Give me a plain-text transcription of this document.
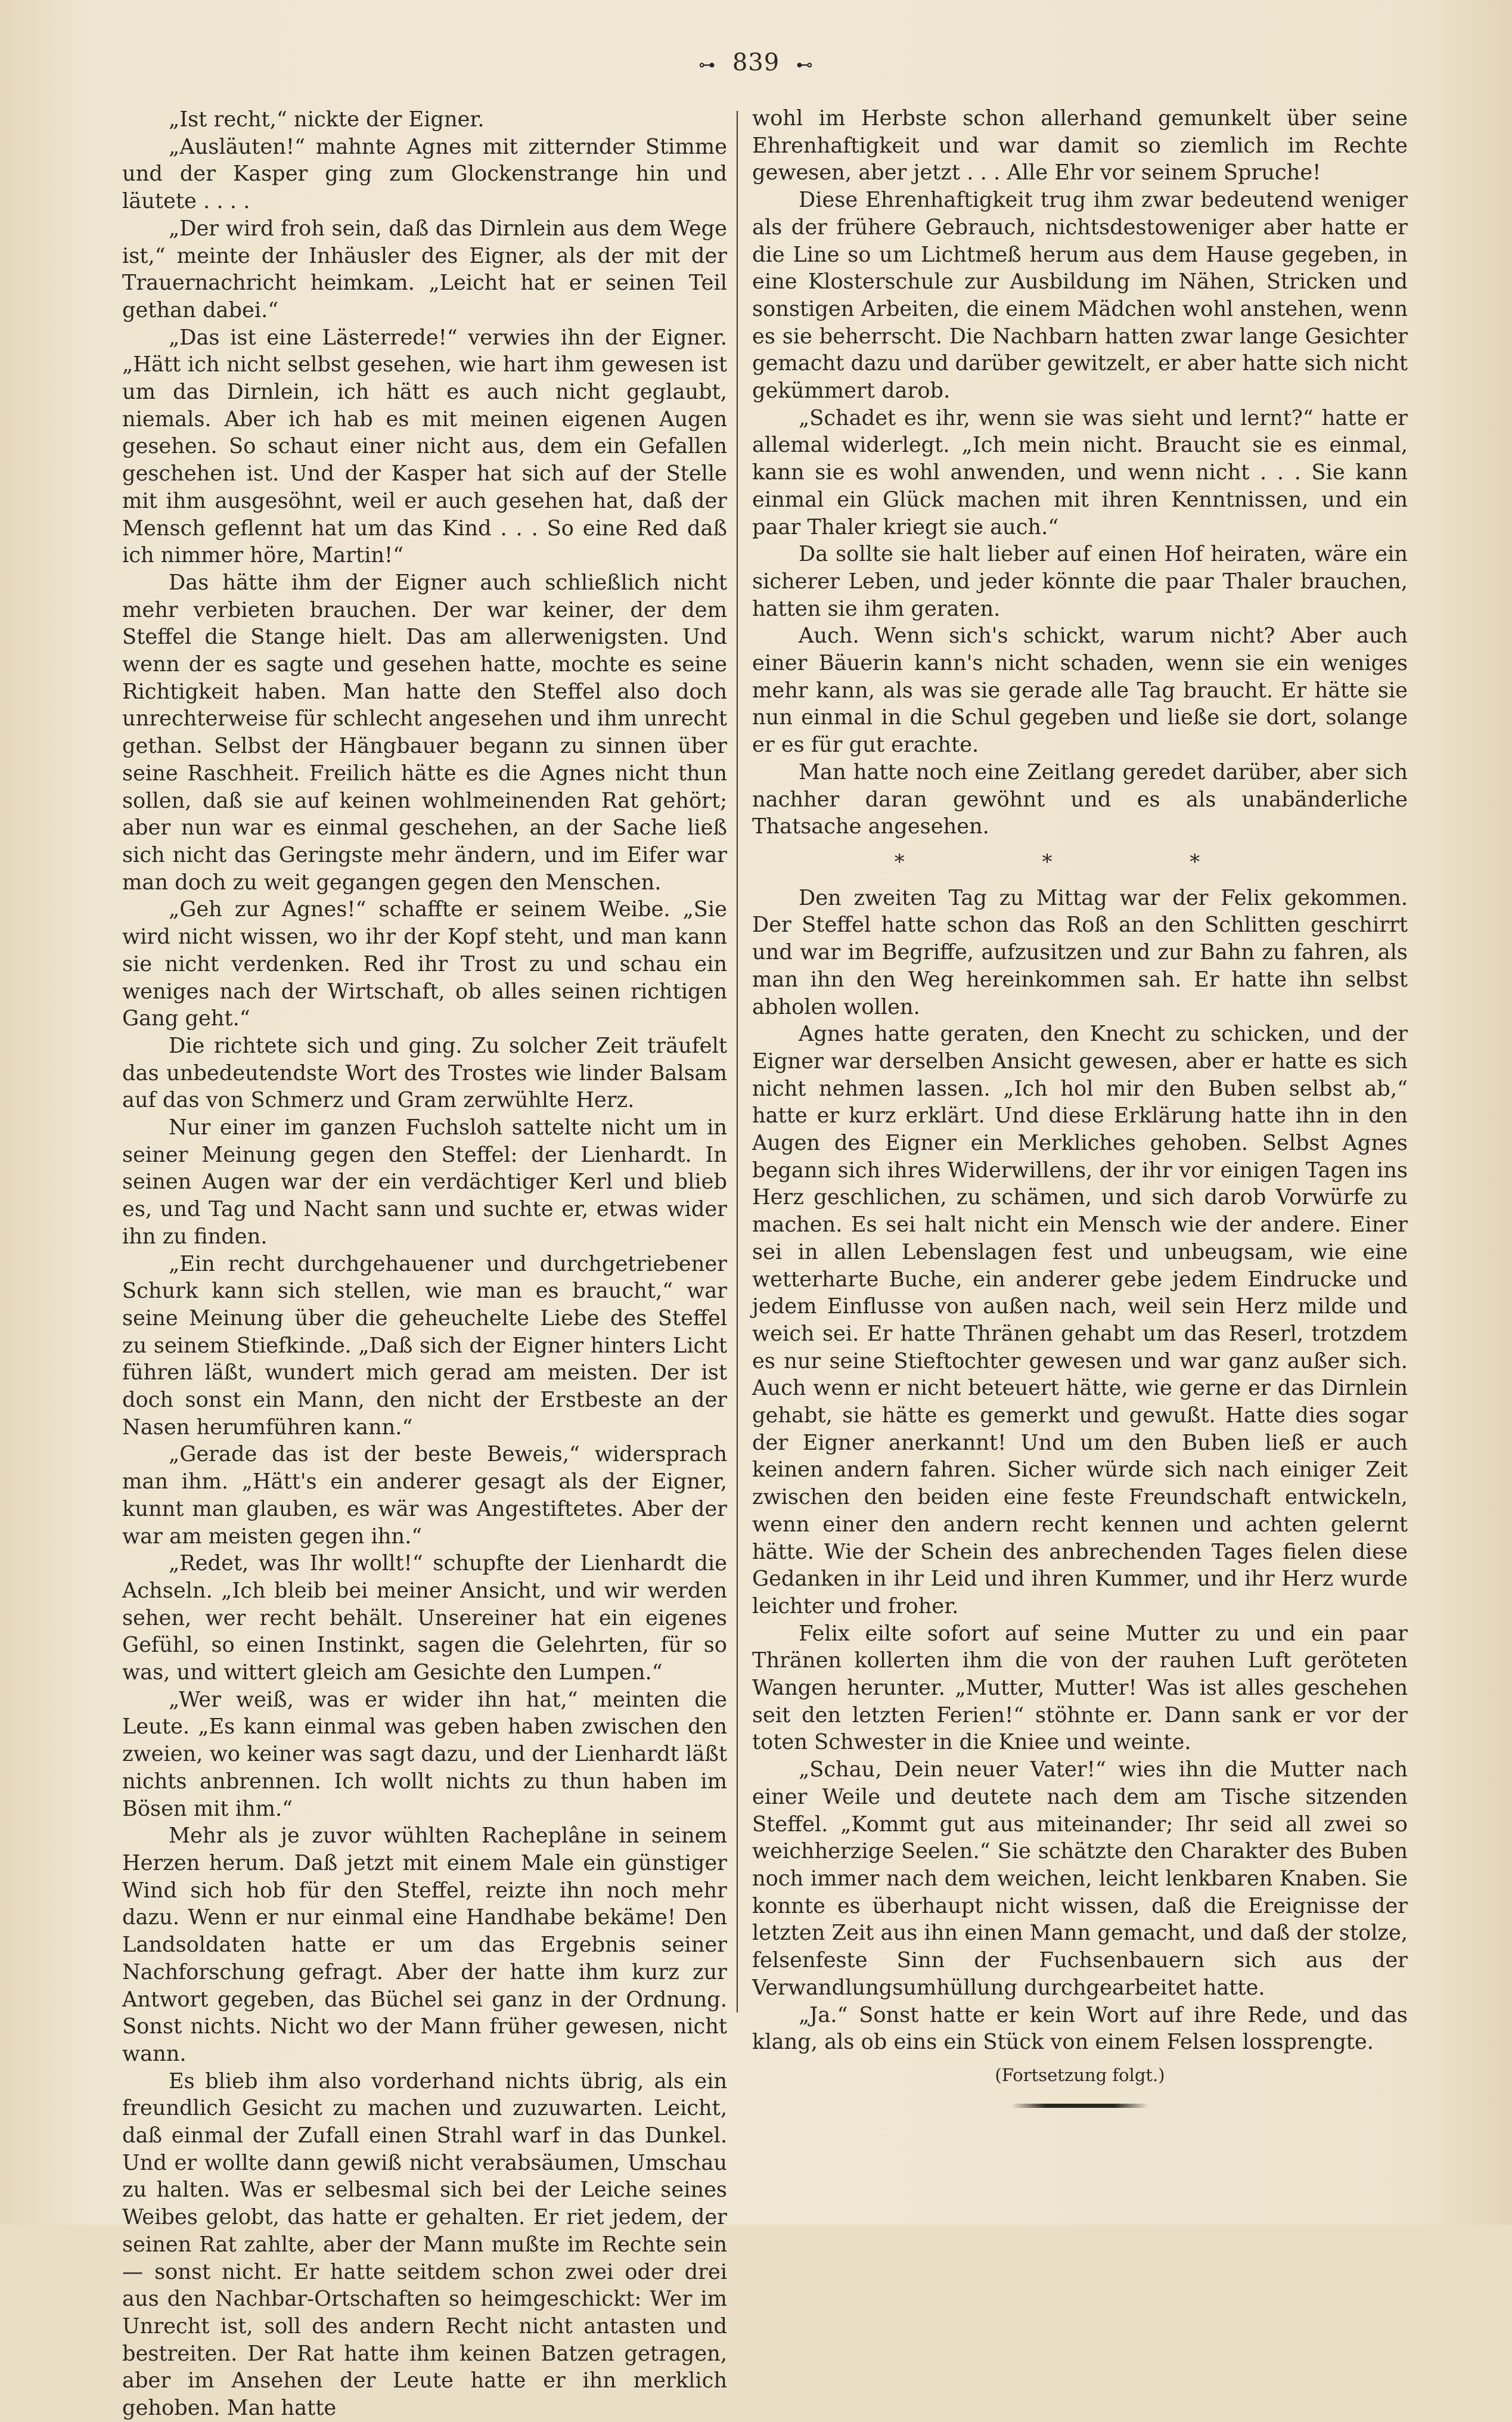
⊶ 839 ⊷

„Ist recht,“ nickte der Eigner.

„Ausläuten!“ mahnte Agnes mit zitternder Stimme und der Kasper ging zum Glockenstrange hin und läutete . . . .

„Der wird froh sein, daß das Dirnlein aus dem Wege ist,“ meinte der Inhäusler des Eigner, als der mit der Trauernachricht heimkam. „Leicht hat er seinen Teil gethan dabei.“

„Das ist eine Lästerrede!“ verwies ihn der Eigner. „Hätt ich nicht selbst gesehen, wie hart ihm gewesen ist um das Dirnlein, ich hätt es auch nicht geglaubt, niemals. Aber ich hab es mit meinen eigenen Augen gesehen. So schaut einer nicht aus, dem ein Gefallen geschehen ist. Und der Kasper hat sich auf der Stelle mit ihm ausgesöhnt, weil er auch gesehen hat, daß der Mensch geflennt hat um das Kind . . . So eine Red daß ich nimmer höre, Martin!“

Das hätte ihm der Eigner auch schließlich nicht mehr verbieten brauchen. Der war keiner, der dem Steffel die Stange hielt. Das am allerwenigsten. Und wenn der es sagte und gesehen hatte, mochte es seine Richtigkeit haben. Man hatte den Steffel also doch unrechterweise für schlecht angesehen und ihm unrecht gethan. Selbst der Hängbauer begann zu sinnen über seine Raschheit. Freilich hätte es die Agnes nicht thun sollen, daß sie auf keinen wohlmeinenden Rat gehört; aber nun war es einmal geschehen, an der Sache ließ sich nicht das Geringste mehr ändern, und im Eifer war man doch zu weit gegangen gegen den Menschen.

„Geh zur Agnes!“ schaffte er seinem Weibe. „Sie wird nicht wissen, wo ihr der Kopf steht, und man kann sie nicht verdenken. Red ihr Trost zu und schau ein weniges nach der Wirtschaft, ob alles seinen richtigen Gang geht.“

Die richtete sich und ging. Zu solcher Zeit träufelt das unbedeutendste Wort des Trostes wie linder Balsam auf das von Schmerz und Gram zerwühlte Herz.

Nur einer im ganzen Fuchsloh sattelte nicht um in seiner Meinung gegen den Steffel: der Lienhardt. In seinen Augen war der ein verdächtiger Kerl und blieb es, und Tag und Nacht sann und suchte er, etwas wider ihn zu finden.

„Ein recht durchgehauener und durchgetriebener Schurk kann sich stellen, wie man es braucht,“ war seine Meinung über die geheuchelte Liebe des Steffel zu seinem Stiefkinde. „Daß sich der Eigner hinters Licht führen läßt, wundert mich gerad am meisten. Der ist doch sonst ein Mann, den nicht der Erstbeste an der Nasen herumführen kann.“

„Gerade das ist der beste Beweis,“ widersprach man ihm. „Hätt's ein anderer gesagt als der Eigner, kunnt man glauben, es wär was Angestiftetes. Aber der war am meisten gegen ihn.“

„Redet, was Ihr wollt!“ schupfte der Lienhardt die Achseln. „Ich bleib bei meiner Ansicht, und wir werden sehen, wer recht behält. Unsereiner hat ein eigenes Gefühl, so einen Instinkt, sagen die Gelehrten, für so was, und wittert gleich am Gesichte den Lumpen.“

„Wer weiß, was er wider ihn hat,“ meinten die Leute. „Es kann einmal was geben haben zwischen den zweien, wo keiner was sagt dazu, und der Lienhardt läßt nichts anbrennen. Ich wollt nichts zu thun haben im Bösen mit ihm.“

Mehr als je zuvor wühlten Racheplâne in seinem Herzen herum. Daß jetzt mit einem Male ein günstiger Wind sich hob für den Steffel, reizte ihn noch mehr dazu. Wenn er nur einmal eine Handhabe bekäme! Den Landsoldaten hatte er um das Ergebnis seiner Nachforschung gefragt. Aber der hatte ihm kurz zur Antwort gegeben, das Büchel sei ganz in der Ordnung. Sonst nichts. Nicht wo der Mann früher gewesen, nicht wann.

Es blieb ihm also vorderhand nichts übrig, als ein freundlich Gesicht zu machen und zuzuwarten. Leicht, daß einmal der Zufall einen Strahl warf in das Dunkel. Und er wollte dann gewiß nicht verabsäumen, Umschau zu halten. Was er selbesmal sich bei der Leiche seines Weibes gelobt, das hatte er gehalten. Er riet jedem, der seinen Rat zahlte, aber der Mann mußte im Rechte sein — sonst nicht. Er hatte seitdem schon zwei oder drei aus den Nachbar-Ortschaften so heimgeschickt: Wer im Unrecht ist, soll des andern Recht nicht antasten und bestreiten. Der Rat hatte ihm keinen Batzen getragen, aber im Ansehen der Leute hatte er ihn merklich gehoben. Man hatte

wohl im Herbste schon allerhand gemunkelt über seine Ehrenhaftigkeit und war damit so ziemlich im Rechte gewesen, aber jetzt . . . Alle Ehr vor seinem Spruche!

Diese Ehrenhaftigkeit trug ihm zwar bedeutend weniger als der frühere Gebrauch, nichtsdestoweniger aber hatte er die Line so um Lichtmeß herum aus dem Hause gegeben, in eine Klosterschule zur Ausbildung im Nähen, Stricken und sonstigen Arbeiten, die einem Mädchen wohl anstehen, wenn es sie beherrscht. Die Nachbarn hatten zwar lange Gesichter gemacht dazu und darüber gewitzelt, er aber hatte sich nicht gekümmert darob.

„Schadet es ihr, wenn sie was sieht und lernt?“ hatte er allemal widerlegt. „Ich mein nicht. Braucht sie es einmal, kann sie es wohl anwenden, und wenn nicht . . . Sie kann einmal ein Glück machen mit ihren Kenntnissen, und ein paar Thaler kriegt sie auch.“

Da sollte sie halt lieber auf einen Hof heiraten, wäre ein sicherer Leben, und jeder könnte die paar Thaler brauchen, hatten sie ihm geraten.

Auch. Wenn sich's schickt, warum nicht? Aber auch einer Bäuerin kann's nicht schaden, wenn sie ein weniges mehr kann, als was sie gerade alle Tag braucht. Er hätte sie nun einmal in die Schul gegeben und ließe sie dort, solange er es für gut erachte.

Man hatte noch eine Zeitlang geredet darüber, aber sich nachher daran gewöhnt und es als unabänderliche Thatsache angesehen.

* * *

Den zweiten Tag zu Mittag war der Felix gekommen. Der Steffel hatte schon das Roß an den Schlitten geschirrt und war im Begriffe, aufzusitzen und zur Bahn zu fahren, als man ihn den Weg hereinkommen sah. Er hatte ihn selbst abholen wollen.

Agnes hatte geraten, den Knecht zu schicken, und der Eigner war derselben Ansicht gewesen, aber er hatte es sich nicht nehmen lassen. „Ich hol mir den Buben selbst ab,“ hatte er kurz erklärt. Und diese Erklärung hatte ihn in den Augen des Eigner ein Merkliches gehoben. Selbst Agnes begann sich ihres Widerwillens, der ihr vor einigen Tagen ins Herz geschlichen, zu schämen, und sich darob Vorwürfe zu machen. Es sei halt nicht ein Mensch wie der andere. Einer sei in allen Lebenslagen fest und unbeugsam, wie eine wetterharte Buche, ein anderer gebe jedem Eindrucke und jedem Einflusse von außen nach, weil sein Herz milde und weich sei. Er hatte Thränen gehabt um das Reserl, trotzdem es nur seine Stieftochter gewesen und war ganz außer sich. Auch wenn er nicht beteuert hätte, wie gerne er das Dirnlein gehabt, sie hätte es gemerkt und gewußt. Hatte dies sogar der Eigner anerkannt! Und um den Buben ließ er auch keinen andern fahren. Sicher würde sich nach einiger Zeit zwischen den beiden eine feste Freundschaft entwickeln, wenn einer den andern recht kennen und achten gelernt hätte. Wie der Schein des anbrechenden Tages fielen diese Gedanken in ihr Leid und ihren Kummer, und ihr Herz wurde leichter und froher.

Felix eilte sofort auf seine Mutter zu und ein paar Thränen kollerten ihm die von der rauhen Luft geröteten Wangen herunter. „Mutter, Mutter! Was ist alles geschehen seit den letzten Ferien!“ stöhnte er. Dann sank er vor der toten Schwester in die Kniee und weinte.

„Schau, Dein neuer Vater!“ wies ihn die Mutter nach einer Weile und deutete nach dem am Tische sitzenden Steffel. „Kommt gut aus miteinander; Ihr seid all zwei so weichherzige Seelen.“ Sie schätzte den Charakter des Buben noch immer nach dem weichen, leicht lenkbaren Knaben. Sie konnte es überhaupt nicht wissen, daß die Ereignisse der letzten Zeit aus ihn einen Mann gemacht, und daß der stolze, felsenfeste Sinn der Fuchsenbauern sich aus der Verwandlungsumhüllung durchgearbeitet hatte.

„Ja.“ Sonst hatte er kein Wort auf ihre Rede, und das klang, als ob eins ein Stück von einem Felsen lossprengte.

(Fortsetzung folgt.)
